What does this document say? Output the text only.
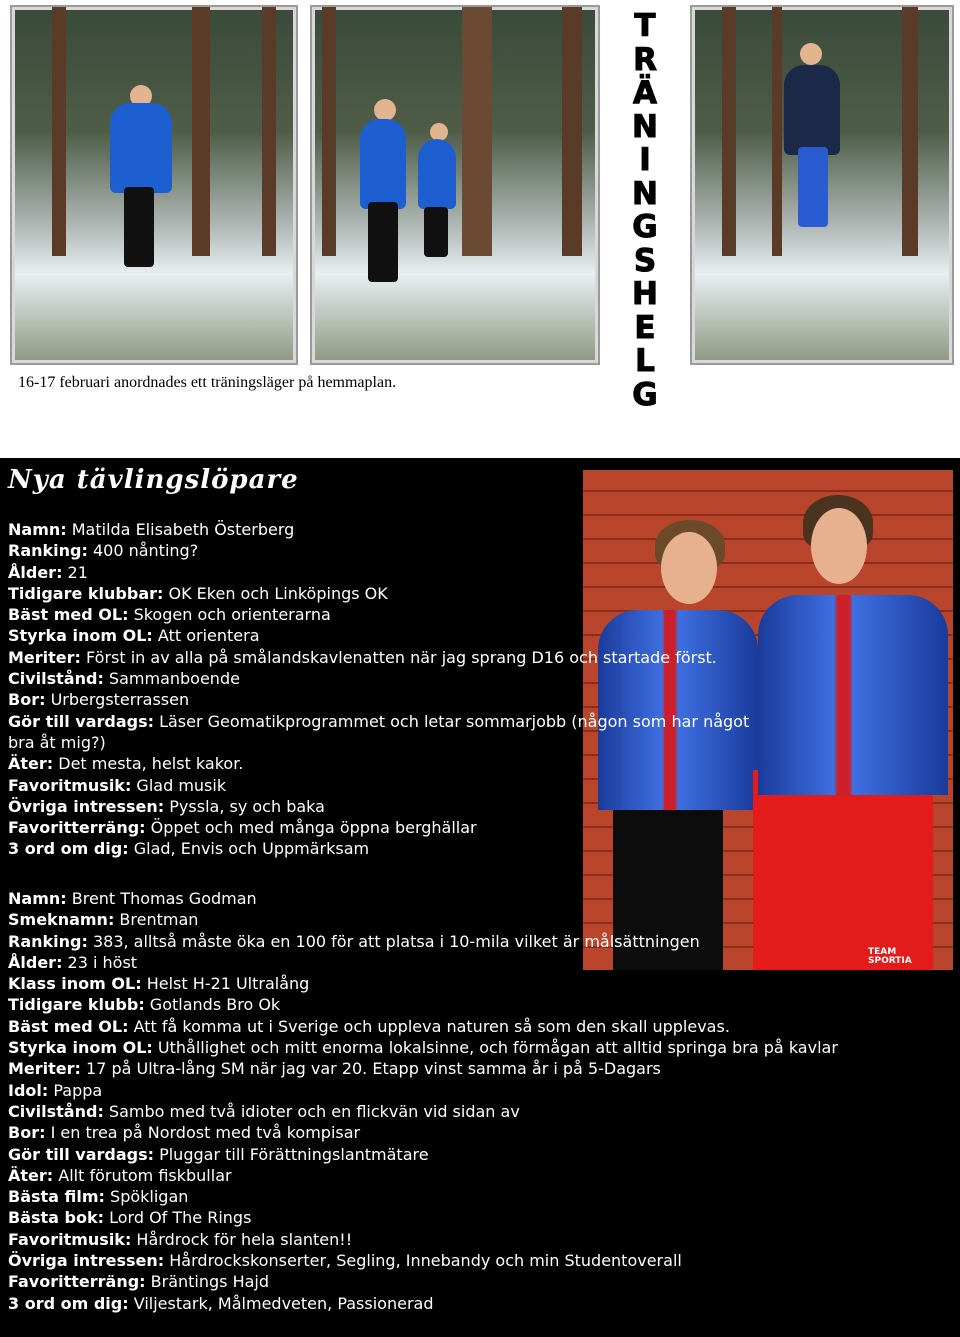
T
R
Ä
N
I
N
G
S
H
E
L
G
16-17 februari anordnades ett träningsläger på hemmaplan.
Nya tävlingslöpare
TEAM SPORTIA
Namn: Matilda Elisabeth Österberg
Ranking: 400 nånting?
Ålder: 21
Tidigare klubbar: OK Eken och Linköpings OK
Bäst med OL: Skogen och orienterarna
Styrka inom OL: Att orientera
Meriter: Först in av alla på smålandskavlenatten när jag sprang D16 och startade först.
Civilstånd: Sammanboende
Bor: Urbergsterrassen
Gör till vardags: Läser Geomatikprogrammet och letar sommarjobb (någon som har något bra åt mig?)
Äter: Det mesta, helst kakor.
Favoritmusik: Glad musik
Övriga intressen: Pyssla, sy och baka
Favoritterräng: Öppet och med många öppna berghällar
3 ord om dig: Glad, Envis och Uppmärksam
Namn: Brent Thomas Godman
Smeknamn: Brentman
Ranking: 383, alltså måste öka en 100 för att platsa i 10-mila vilket är målsättningen
Ålder: 23 i höst
Klass inom OL: Helst H-21 Ultralång
Tidigare klubb: Gotlands Bro Ok
Bäst med OL: Att få komma ut i Sverige och uppleva naturen så som den skall upplevas.
Styrka inom OL: Uthållighet och mitt enorma lokalsinne, och förmågan att alltid springa bra på kavlar
Meriter: 17 på Ultra-lång SM när jag var 20. Etapp vinst samma år i på 5-Dagars
Idol: Pappa
Civilstånd: Sambo med två idioter och en flickvän vid sidan av
Bor: I en trea på Nordost med två kompisar
Gör till vardags: Pluggar till Förättningslantmätare
Äter: Allt förutom fiskbullar
Bästa film: Spökligan
Bästa bok: Lord Of The Rings
Favoritmusik: Hårdrock för hela slanten!!
Övriga intressen: Hårdrockskonserter, Segling, Innebandy och min Studentoverall
Favoritterräng: Bräntings Hajd
3 ord om dig: Viljestark, Målmedveten, Passionerad
